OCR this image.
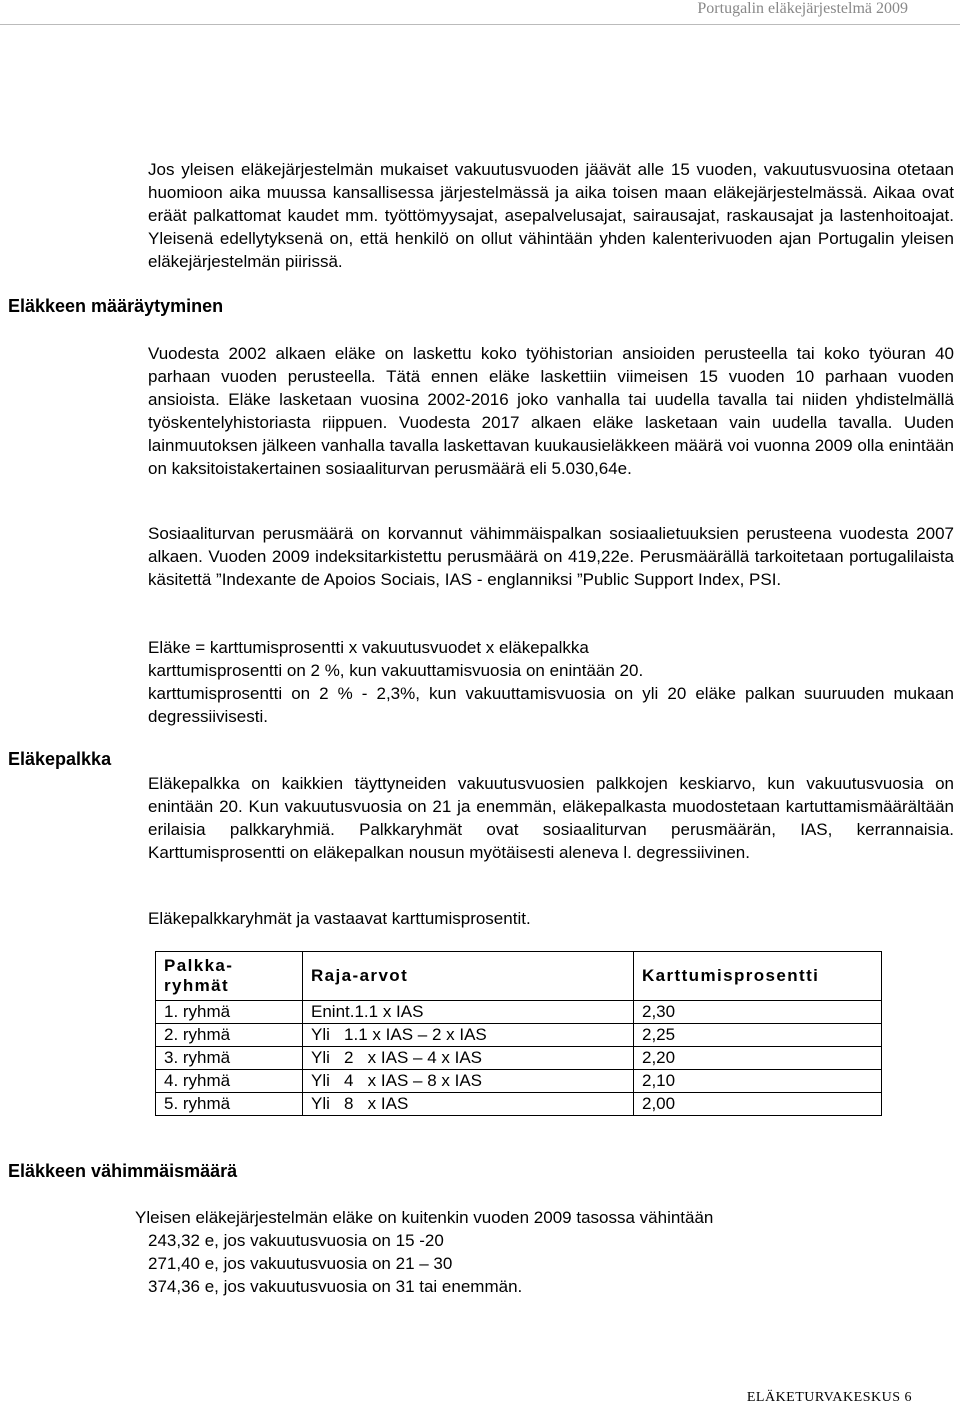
Portugalin eläkejärjestelmä 2009
Eläkkeen määräytyminen
Eläkepalkka
Eläkkeen vähimmäismäärä

Jos yleisen eläkejärjestelmän mukaiset vakuutusvuoden jäävät alle 15 vuoden, vakuutusvuosina otetaan huomioon aika muussa kansallisessa järjestelmässä ja aika toisen maan eläkejärjestelmässä. Aikaa ovat eräät palkattomat kaudet mm. työttömyysajat, asepalvelusajat, sairausajat, raskausajat ja lastenhoitoajat. Yleisenä edellytyksenä on, että henkilö on ollut vähintään yhden kalenterivuoden ajan Portugalin yleisen eläkejärjestelmän piirissä.

Vuodesta 2002 alkaen eläke on laskettu koko työhistorian ansioiden perusteella tai koko työuran 40 parhaan vuoden perusteella. Tätä ennen eläke laskettiin viimeisen 15 vuoden 10 parhaan vuoden ansioista. Eläke lasketaan vuosina 2002-2016 joko vanhalla tai uudella tavalla tai niiden yhdistelmällä työskentelyhistoriasta riippuen. Vuodesta 2017 alkaen eläke lasketaan vain uudella tavalla. Uuden lainmuutoksen jälkeen vanhalla tavalla laskettavan kuukausieläkkeen määrä voi vuonna 2009 olla enintään on kaksitoistakertainen sosiaaliturvan perusmäärä eli 5.030,64e.

Sosiaaliturvan perusmäärä on korvannut vähimmäispalkan sosiaalietuuksien perusteena vuodesta 2007 alkaen. Vuoden 2009 indeksitarkistettu perusmäärä on 419,22e. Perusmäärällä tarkoitetaan portugalilaista käsitettä ”Indexante de Apoios Sociais, IAS - englanniksi ”Public Support Index, PSI.

Eläke = karttumisprosentti x vakuutusvuodet x eläkepalkka
karttumisprosentti on 2 %, kun vakuuttamisvuosia on enintään 20.

karttumisprosentti on 2 % - 2,3%, kun vakuuttamisvuosia on yli 20 eläke palkan suuruuden mukaan degressiivisesti.

Eläkepalkka on kaikkien täyttyneiden vakuutusvuosien palkkojen keskiarvo, kun vakuutusvuosia on enintään 20. Kun vakuutusvuosia on 21 ja enemmän, eläkepalkasta muodostetaan kartuttamismäärältään erilaisia palkkaryhmiä. Palkkaryhmät ovat sosiaaliturvan perusmäärän, IAS, kerrannaisia. Karttumisprosentti on eläkepalkan nousun myötäisesti aleneva l. degressiivinen.

Eläkepalkkaryhmät ja vastaavat karttumisprosentit.
Palkka-ryhmät	Raja-arvot	Karttumisprosentti
1. ryhmä	Enint.1.1 x IAS	2,30
2. ryhmä	Yli   1.1 x IAS – 2 x IAS	2,25
3. ryhmä	Yli   2   x IAS – 4 x IAS	2,20
4. ryhmä	Yli   4   x IAS – 8 x IAS	2,10
5. ryhmä	Yli   8   x IAS	2,00
Yleisen eläkejärjestelmän eläke on kuitenkin vuoden 2009 tasossa vähintään
243,32 e, jos vakuutusvuosia on 15 -20
271,40 e, jos vakuutusvuosia on 21 – 30
374,36 e, jos vakuutusvuosia on 31 tai enemmän.
ELÄKETURVAKESKUS 6
